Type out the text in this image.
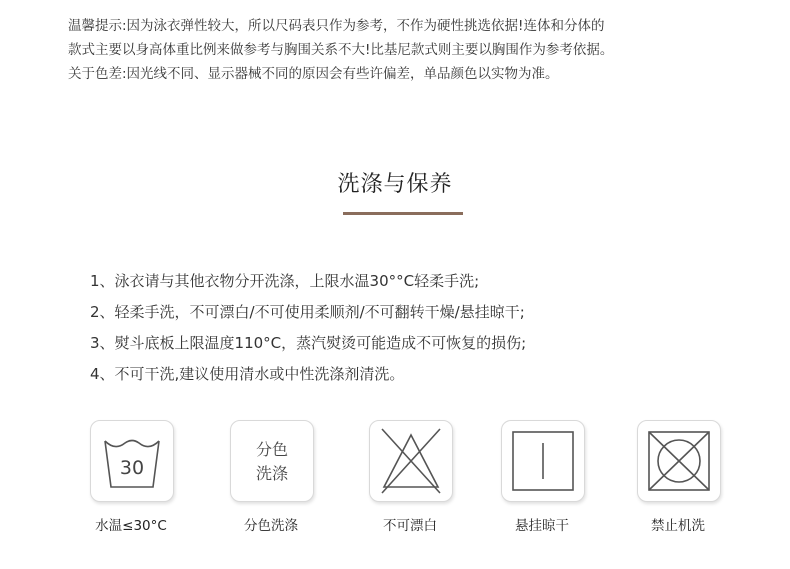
温馨提示:因为泳衣弹性较大，所以尺码表只作为参考，不作为硬性挑选依据!连体和分体的

款式主要以身高体重比例来做参考与胸围关系不大!比基尼款式则主要以胸围作为参考依据。

关于色差:因光线不同、显示器械不同的原因会有些许偏差，单品颜色以实物为准。

洗涤与保养

1、泳衣请与其他衣物分开洗涤，上限水温30°°C轻柔手洗;

2、轻柔手洗，不可漂白/不可使用柔顺剂/不可翻转干燥/悬挂晾干;

3、熨斗底板上限温度110°C，蒸汽熨烫可能造成不可恢复的损伤;

4、不可干洗,建议使用清水或中性洗涤剂清洗。

30
水温≤30°C
分色
洗涤
分色洗涤	不可漂白	悬挂晾干	禁止机洗
